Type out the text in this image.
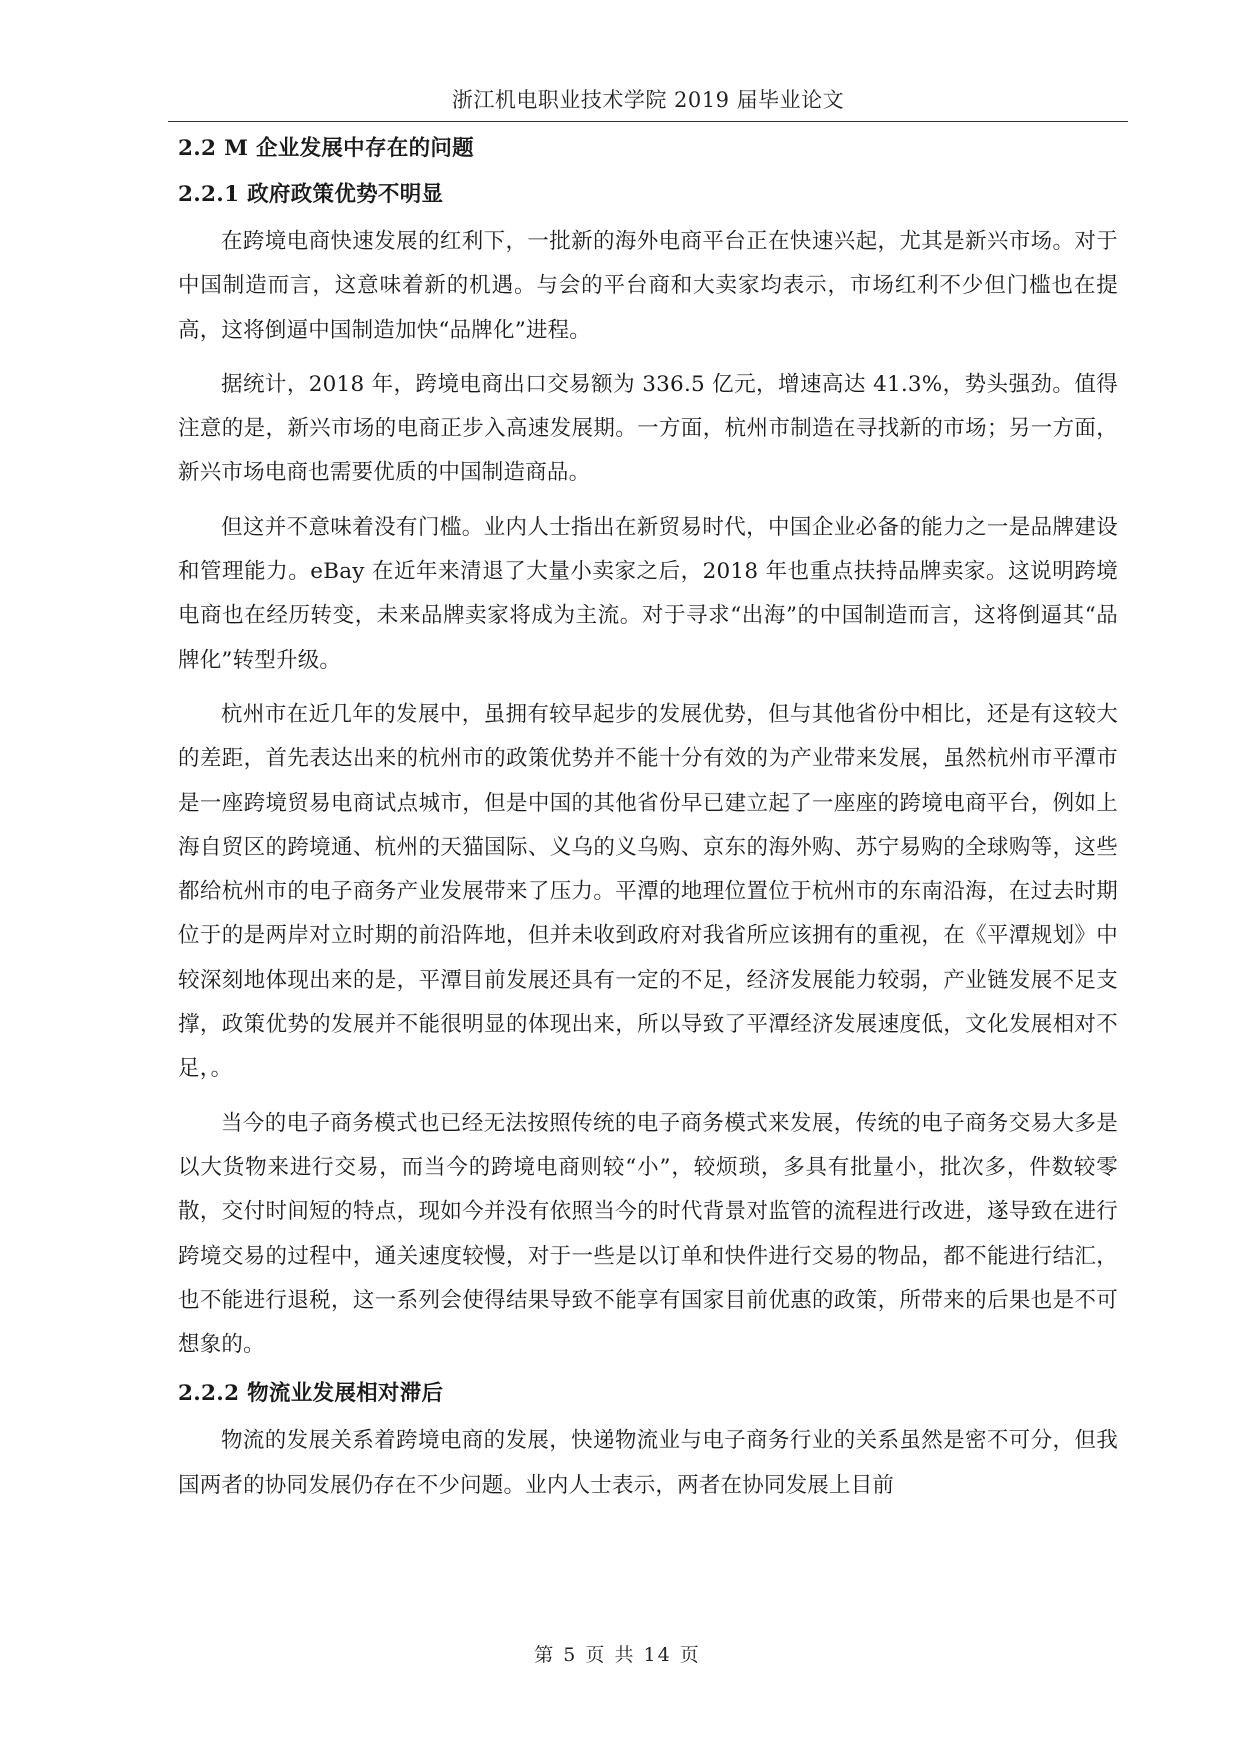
浙江机电职业技术学院 2019 届毕业论文
2.2 M 企业发展中存在的问题
2.2.1 政府政策优势不明显

在跨境电商快速发展的红利下，一批新的海外电商平台正在快速兴起，尤其是新兴市场。对于中国制造而言，这意味着新的机遇。与会的平台商和大卖家均表示，市场红利不少但门槛也在提高，这将倒逼中国制造加快“品牌化”进程。

据统计，2018 年，跨境电商出口交易额为 336.5 亿元，增速高达 41.3%，势头强劲。值得注意的是，新兴市场的电商正步入高速发展期。一方面，杭州市制造在寻找新的市场；另一方面，新兴市场电商也需要优质的中国制造商品。

但这并不意味着没有门槛。业内人士指出在新贸易时代，中国企业必备的能力之一是品牌建设和管理能力。eBay 在近年来清退了大量小卖家之后，2018 年也重点扶持品牌卖家。这说明跨境电商也在经历转变，未来品牌卖家将成为主流。对于寻求“出海”的中国制造而言，这将倒逼其“品牌化”转型升级。

杭州市在近几年的发展中，虽拥有较早起步的发展优势，但与其他省份中相比，还是有这较大的差距，首先表达出来的杭州市的政策优势并不能十分有效的为产业带来发展，虽然杭州市平潭市是一座跨境贸易电商试点城市，但是中国的其他省份早已建立起了一座座的跨境电商平台，例如上海自贸区的跨境通、杭州的天猫国际、义乌的义乌购、京东的海外购、苏宁易购的全球购等，这些都给杭州市的电子商务产业发展带来了压力。平潭的地理位置位于杭州市的东南沿海，在过去时期位于的是两岸对立时期的前沿阵地，但并未收到政府对我省所应该拥有的重视，在《平潭规划》中较深刻地体现出来的是，平潭目前发展还具有一定的不足，经济发展能力较弱，产业链发展不足支撑，政策优势的发展并不能很明显的体现出来，所以导致了平潭经济发展速度低，文化发展相对不足，。

当今的电子商务模式也已经无法按照传统的电子商务模式来发展，传统的电子商务交易大多是以大货物来进行交易，而当今的跨境电商则较“小”，较烦琐，多具有批量小，批次多，件数较零散，交付时间短的特点，现如今并没有依照当今的时代背景对监管的流程进行改进，遂导致在进行跨境交易的过程中，通关速度较慢，对于一些是以订单和快件进行交易的物品，都不能进行结汇，也不能进行退税，这一系列会使得结果导致不能享有国家目前优惠的政策，所带来的后果也是不可想象的。

2.2.2 物流业发展相对滞后

物流的发展关系着跨境电商的发展，快递物流业与电子商务行业的关系虽然是密不可分，但我国两者的协同发展仍存在不少问题。业内人士表示，两者在协同发展上目前

第 5 页 共 14 页
